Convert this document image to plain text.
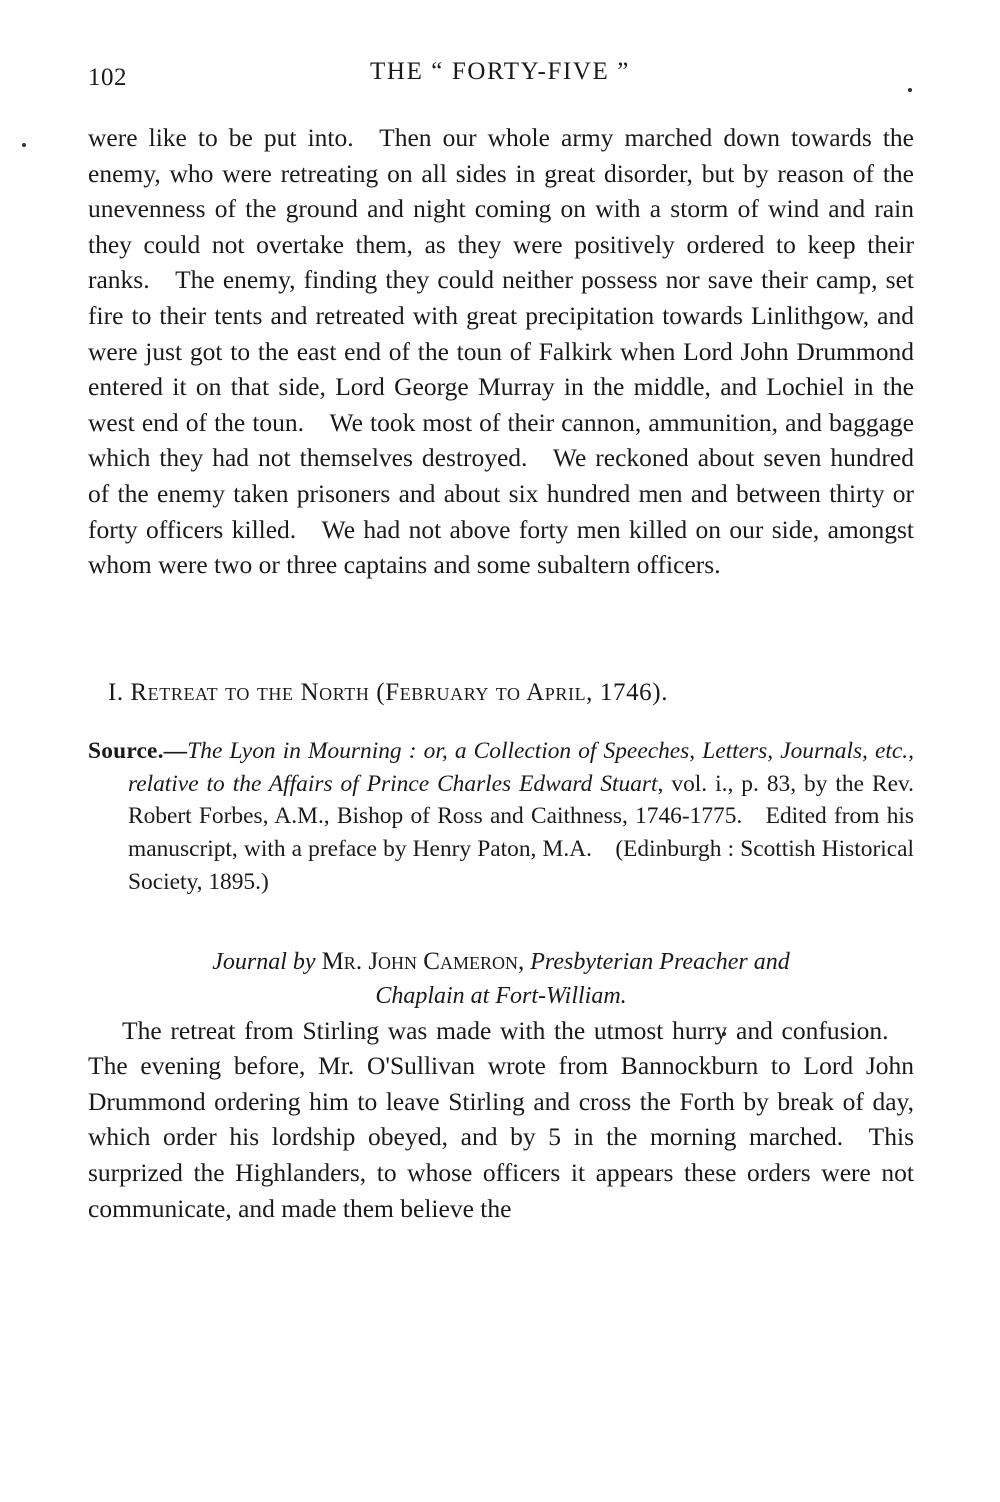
102	THE “ FORTY-FIVE ”

were like to be put into. Then our whole army marched down towards the enemy, who were retreating on all sides in great disorder, but by reason of the unevenness of the ground and night coming on with a storm of wind and rain they could not overtake them, as they were positively ordered to keep their ranks. The enemy, finding they could neither possess nor save their camp, set fire to their tents and retreated with great precipitation towards Linlithgow, and were just got to the east end of the toun of Falkirk when Lord John Drummond entered it on that side, Lord George Murray in the middle, and Lochiel in the west end of the toun. We took most of their cannon, ammunition, and baggage which they had not themselves destroyed. We reckoned about seven hundred of the enemy taken prisoners and about six hundred men and between thirty or forty officers killed. We had not above forty men killed on our side, amongst whom were two or three captains and some subaltern officers.

I. Retreat to the North (February to April, 1746).
Source.—The Lyon in Mourning : or, a Collection of Speeches, Letters, Journals, etc., relative to the Affairs of Prince Charles Edward Stuart, vol. i., p. 83, by the Rev. Robert Forbes, A.M., Bishop of Ross and Caithness, 1746-1775. Edited from his manuscript, with a preface by Henry Paton, M.A. (Edinburgh : Scottish Historical Society, 1895.)
Journal by Mr. John Cameron, Presbyterian Preacher and
Chaplain at Fort-William.

The retreat from Stirling was made with the utmost hurry and confusion. The evening before, Mr. O'Sullivan wrote from Bannockburn to Lord John Drummond ordering him to leave Stirling and cross the Forth by break of day, which order his lordship obeyed, and by 5 in the morning marched. This surprized the Highlanders, to whose officers it appears these orders were not communicate, and made them believe the
